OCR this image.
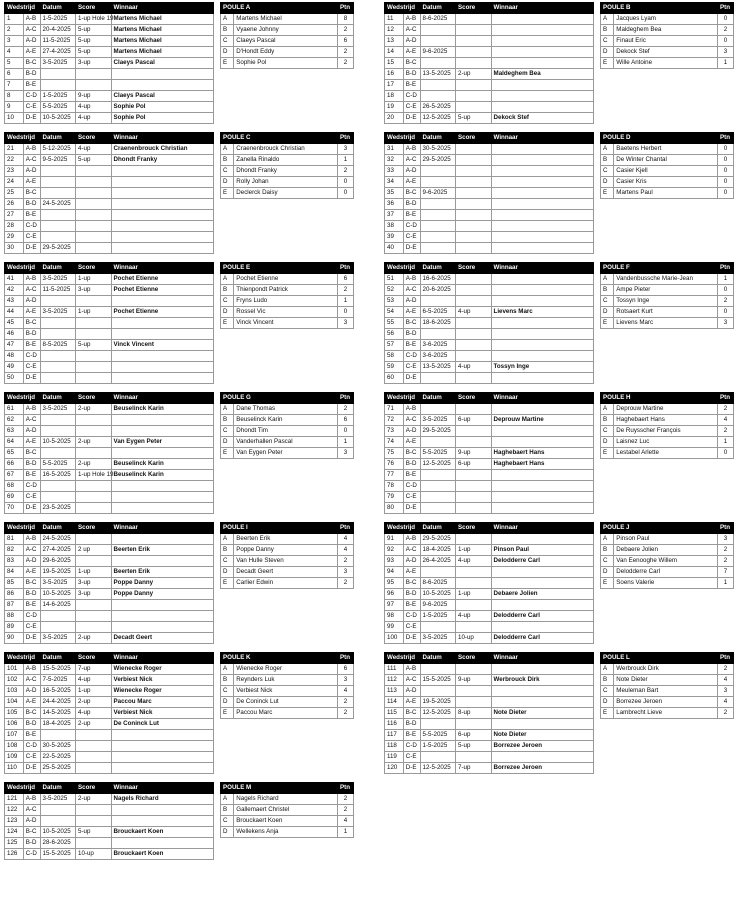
Wedstrijd		Datum	Score	Winnaar
1	A-B	1-5-2025	1-up Hole 19	Martens Michael
2	A-C	20-4-2025	5-up	Martens Michael
3	A-D	11-5-2025	5-up	Martens Michael
4	A-E	27-4-2025	5-up	Martens Michael
5	B-C	3-5-2025	3-up	Claeys Pascal
6	B-D			
7	B-E			
8	C-D	1-5-2025	9-up	Claeys Pascal
9	C-E	5-5-2025	4-up	Sophie Pol
10	D-E	10-5-2025	4-up	Sophie Pol
POULE A		Ptn
A	Martens Michael	8
B	Vyaene Johnny	2
C	Claeys Pascal	6
D	D'Hondt Eddy	2
E	Sophie Pol	2
Wedstrijd		Datum	Score	Winnaar
11	A-B	8-6-2025		
12	A-C			
13	A-D			
14	A-E	9-6-2025		
15	B-C			
16	B-D	13-5-2025	2-up	Maldeghem Bea
17	B-E			
18	C-D			
19	C-E	26-5-2025		
20	D-E	12-5-2025	5-up	Dekock Stef
POULE B		Ptn
A	Jacques Lyam	0
B	Maldeghem Bea	2
C	Finaut Eric	0
D	Dekock Stef	3
E	Wille Antoine	1
Wedstrijd		Datum	Score	Winnaar
21	A-B	5-12-2025	4-up	Craenenbrouck Christian
22	A-C	9-5-2025	5-up	Dhondt Franky
23	A-D			
24	A-E			
25	B-C			
26	B-D	24-5-2025		
27	B-E			
28	C-D			
29	C-E			
30	D-E	29-5-2025		
POULE C		Ptn
A	Craenenbrouck Christian	3
B	Zanella Rinaldo	1
C	Dhondt Franky	2
D	Rolly Johan	0
E	Declerck Daisy	0
Wedstrijd		Datum	Score	Winnaar
31	A-B	30-5-2025		
32	A-C	29-5-2025		
33	A-D			
34	A-E			
35	B-C	9-6-2025		
36	B-D			
37	B-E			
38	C-D			
39	C-E			
40	D-E			
POULE D		Ptn
A	Baetens Herbert	0
B	De Winter Chantal	0
C	Casier Kjell	0
D	Casier Kris	0
E	Martens Paul	0
Wedstrijd		Datum	Score	Winnaar
41	A-B	3-5-2025	1-up	Pochet Etienne
42	A-C	11-5-2025	3-up	Pochet Etienne
43	A-D			
44	A-E	3-5-2025	1-up	Pochet Etienne
45	B-C			
46	B-D			
47	B-E	8-5-2025	5-up	Vinck Vincent
48	C-D			
49	C-E			
50	D-E			
POULE E		Ptn
A	Pochet Etienne	6
B	Thienpondt Patrick	2
C	Fryns Ludo	1
D	Rossel Vic	0
E	Vinck Vincent	3
Wedstrijd		Datum	Score	Winnaar
51	A-B	16-6-2025		
52	A-C	20-6-2025		
53	A-D			
54	A-E	6-5-2025	4-up	Lievens Marc
55	B-C	18-6-2025		
56	B-D			
57	B-E	3-6-2025		
58	C-D	3-6-2025		
59	C-E	13-5-2025	4-up	Tossyn Inge
60	D-E			
POULE F		Ptn
A	Vandenbussche Marie-Jean	1
B	Ampe Pieter	0
C	Tossyn Inge	2
D	Rotsaert Kurt	0
E	Lievens Marc	3
Wedstrijd		Datum	Score	Winnaar
61	A-B	3-5-2025	2-up	Beuselinck Karin
62	A-C			
63	A-D			
64	A-E	10-5-2025	2-up	Van Eygen Peter
65	B-C			
66	B-D	5-5-2025	2-up	Beuselinck Karin
67	B-E	16-5-2025	1-up Hole 19	Beuselinck Karin
68	C-D			
69	C-E			
70	D-E	23-5-2025		
POULE G		Ptn
A	Dane Thomas	2
B	Beuselinck Karin	6
C	Dhondt Tim	0
D	Vanderhallen Pascal	1
E	Van Eygen Peter	3
Wedstrijd		Datum	Score	Winnaar
71	A-B			
72	A-C	3-5-2025	6-up	Deprouw Martine
73	A-D	29-5-2025		
74	A-E			
75	B-C	5-5-2025	9-up	Haghebaert Hans
76	B-D	12-5-2025	6-up	Haghebaert Hans
77	B-E			
78	C-D			
79	C-E			
80	D-E			
POULE H		Ptn
A	Deprouw Martine	2
B	Haghebaert Hans	4
C	De Ruysscher François	2
D	Laisnez Luc	1
E	Lestabel Arlette	0
Wedstrijd		Datum	Score	Winnaar
81	A-B	24-5-2025		
82	A-C	27-4-2025	2 up	Beerten Erik
83	A-D	29-6-2025		
84	A-E	19-5-2025	1-up	Beerten Erik
85	B-C	3-5-2025	3-up	Poppe Danny
86	B-D	10-5-2025	3-up	Poppe Danny
87	B-E	14-6-2025		
88	C-D			
89	C-E			
90	D-E	3-5-2025	2-up	Decadt Geert
POULE I		Ptn
A	Beerten Erik	4
B	Poppe Danny	4
C	Van Hulle Steven	2
D	Decadt Geert	3
E	Carlier Edwin	2
Wedstrijd		Datum	Score	Winnaar
91	A-B	29-5-2025		
92	A-C	18-4-2025	1-up	Pinson Paul
93	A-D	26-4-2025	4-up	Delodderre Carl
94	A-E			
95	B-C	8-6-2025		
96	B-D	10-5-2025	1-up	Debaere Jolien
97	B-E	9-6-2025		
98	C-D	1-5-2025	4-up	Delodderre Carl
99	C-E			
100	D-E	3-5-2025	10-up	Delodderre Carl
POULE J		Ptn
A	Pinson Paul	3
B	Debaere Jolien	2
C	Van Eenooghe Willem	2
D	Delodderre Carl	7
E	Soens Valerie	1
Wedstrijd		Datum	Score	Winnaar
101	A-B	15-5-2025	7-up	Wienecke Roger
102	A-C	7-5-2025	4-up	Verbiest Nick
103	A-D	16-5-2025	1-up	Wienecke Roger
104	A-E	24-4-2025	2-up	Paccou Marc
105	B-C	14-5-2025	4-up	Verbiest Nick
106	B-D	18-4-2025	2-up	De Coninck Lut
107	B-E			
108	C-D	30-5-2025		
109	C-E	22-5-2025		
110	D-E	25-5-2025		
POULE K		Ptn
A	Wienecke Roger	6
B	Reynders Luk	3
C	Verbiest Nick	4
D	De Coninck Lut	2
E	Paccou Marc	2
Wedstrijd		Datum	Score	Winnaar
111	A-B			
112	A-C	15-5-2025	9-up	Werbrouck Dirk
113	A-D			
114	A-E	19-5-2025		
115	B-C	12-5-2025	8-up	Note Dieter
116	B-D			
117	B-E	5-5-2025	6-up	Note Dieter
118	C-D	1-5-2025	5-up	Borrezee Jeroen
119	C-E			
120	D-E	12-5-2025	7-up	Borrezee Jeroen
POULE L		Ptn
A	Werbrouck Dirk	2
B	Note Dieter	4
C	Meuleman Bart	3
D	Borrezee Jeroen	4
E	Lambrecht Lieve	2
Wedstrijd		Datum	Score	Winnaar
121	A-B	3-5-2025	2-up	Nagels Richard
122	A-C			
123	A-D			
124	B-C	10-5-2025	5-up	Brouckaert Koen
125	B-D	28-6-2025		
126	C-D	15-5-2025	10-up	Brouckaert Koen
POULE M		Ptn
A	Nagels Richard	2
B	Gallemaert Christel	2
C	Brouckaert Koen	4
D	Wellekens Anja	1
